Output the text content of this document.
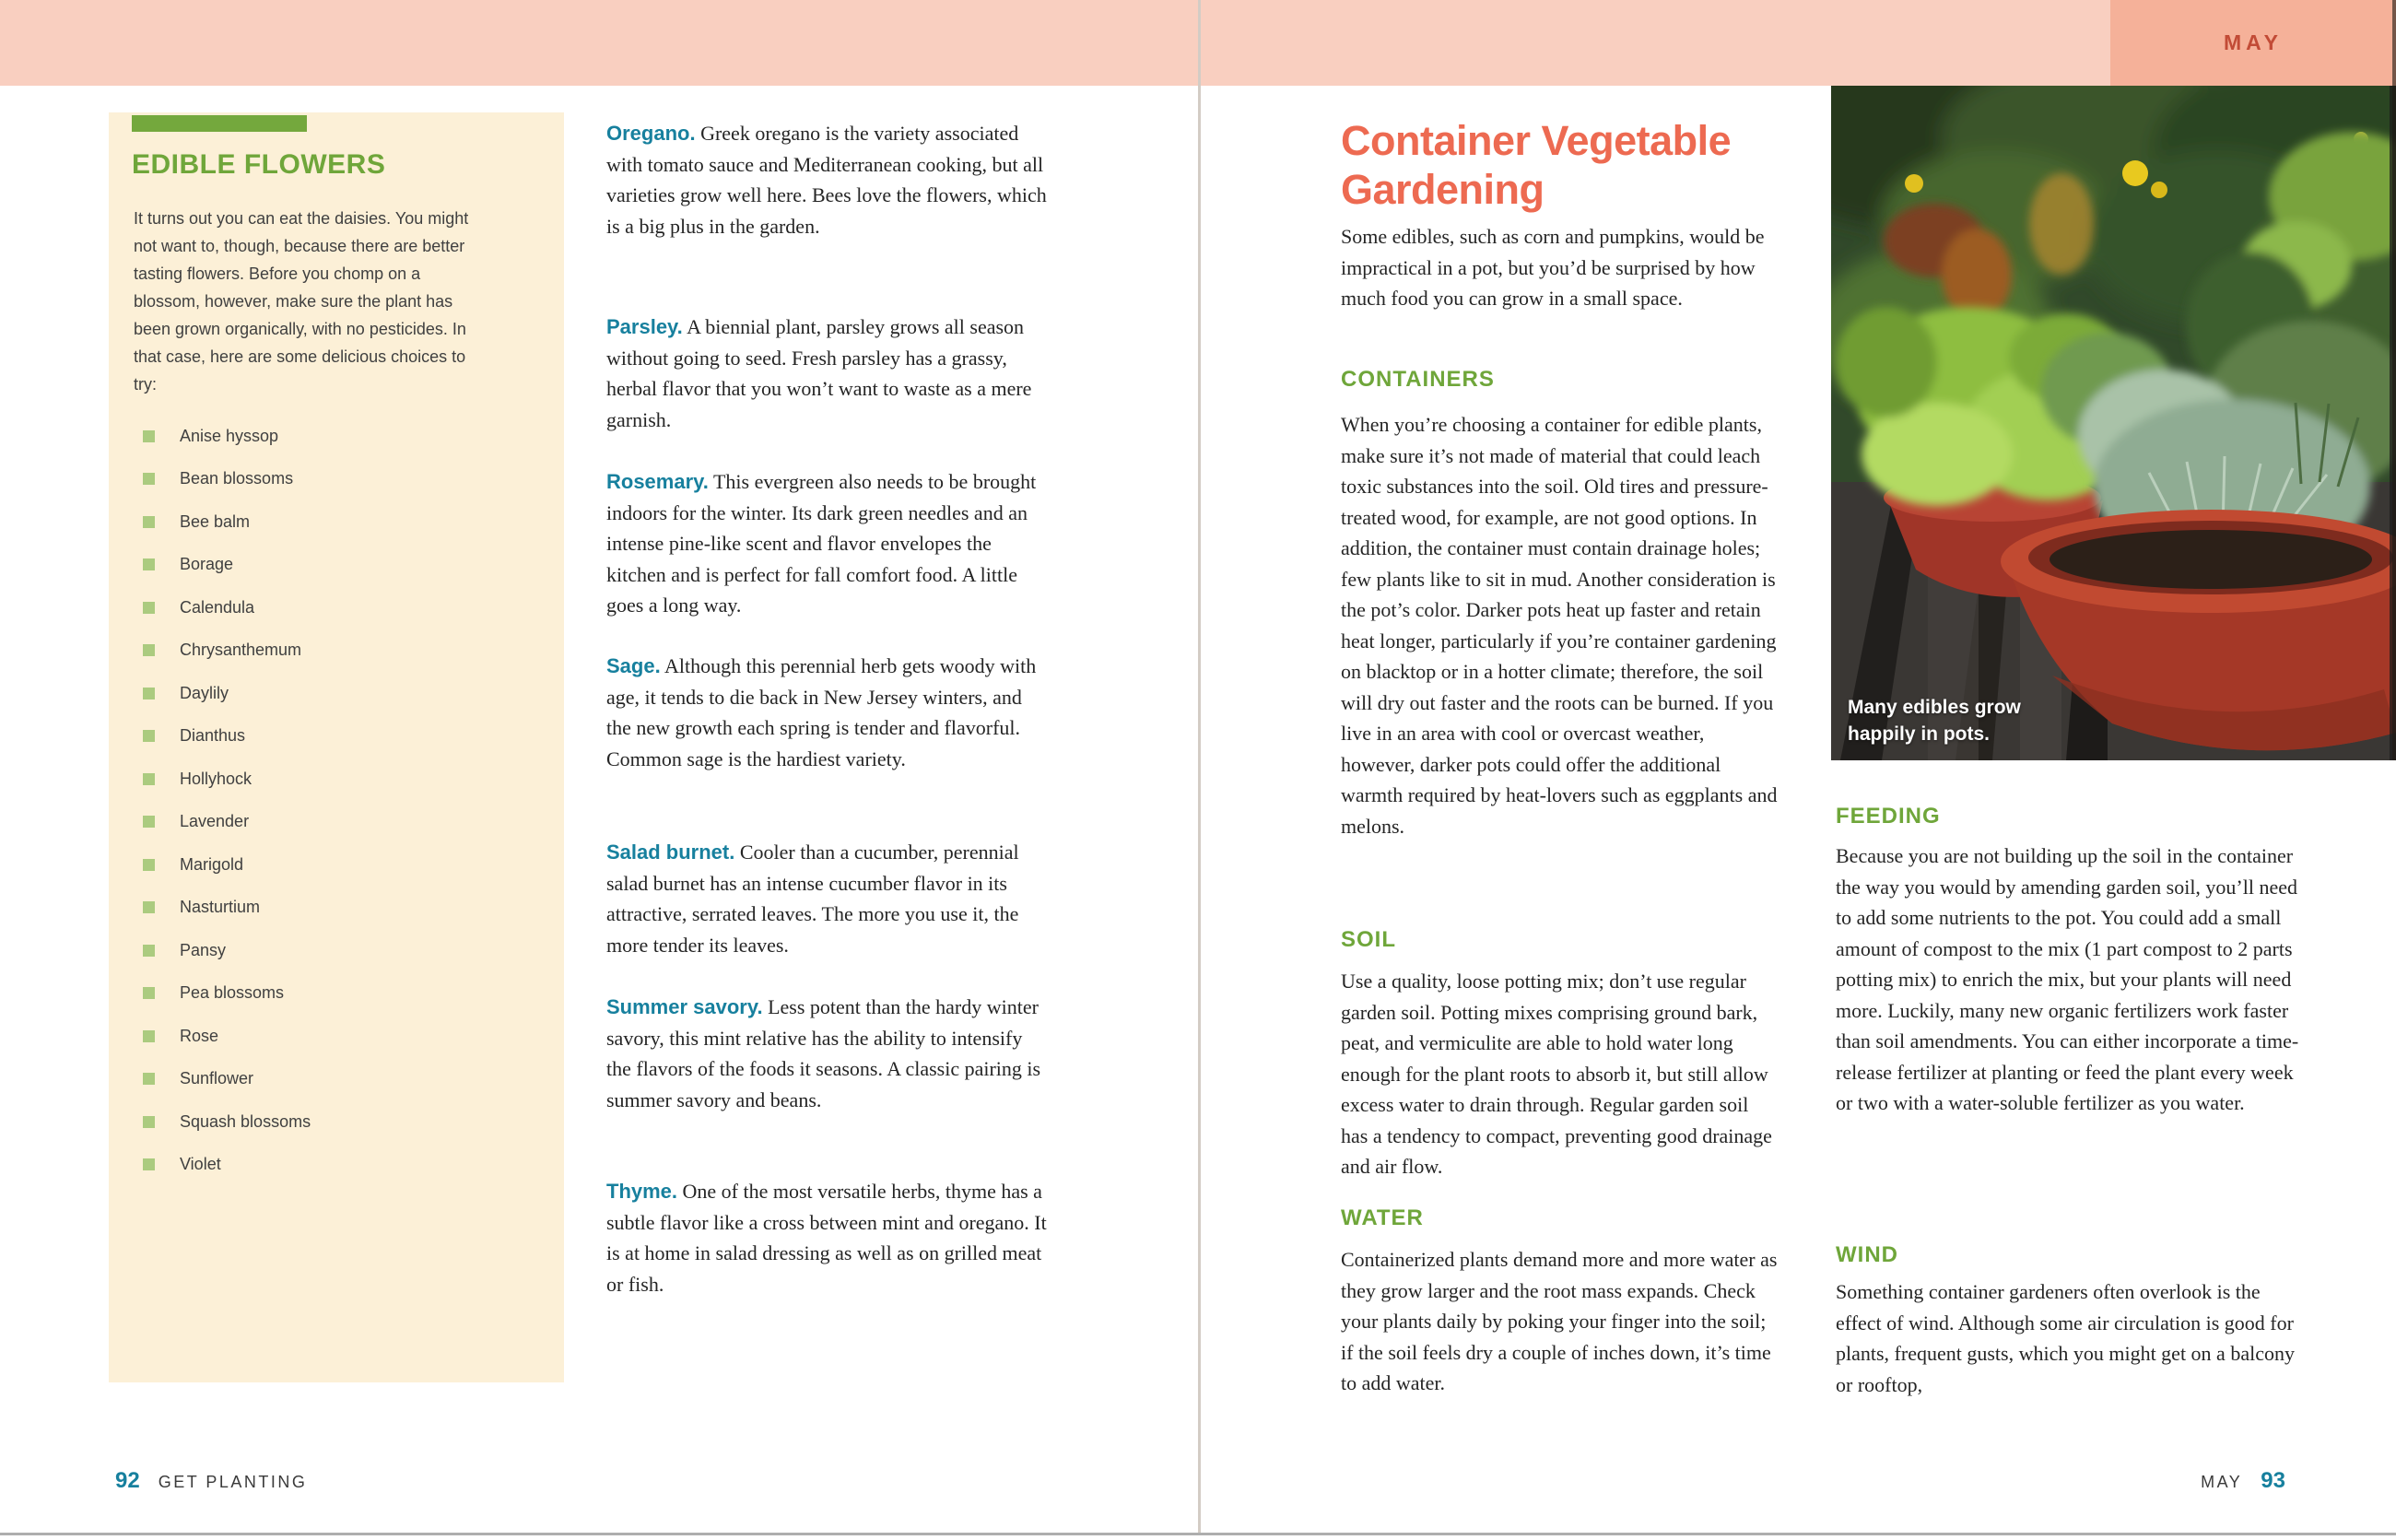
MAY
EDIBLE FLOWERS

It turns out you can eat the daisies. You might not want to, though, because there are better tasting flowers. Before you chomp on a blossom, however, make sure the plant has been grown organically, with no pesticides. In that case, here are some delicious choices to try:

Anise hyssop
Bean blossoms
Bee balm
Borage
Calendula
Chrysanthemum
Daylily
Dianthus
Hollyhock
Lavender
Marigold
Nasturtium
Pansy
Pea blossoms
Rose
Sunflower
Squash blossoms
Violet

Oregano. Greek oregano is the variety associated with tomato sauce and Mediterranean cooking, but all varieties grow well here. Bees love the flowers, which is a big plus in the garden.

Parsley. A biennial plant, parsley grows all season without going to seed. Fresh parsley has a grassy, herbal flavor that you won’t want to waste as a mere garnish.

Rosemary. This evergreen also needs to be brought indoors for the winter. Its dark green needles and an intense pine-like scent and flavor envelopes the kitchen and is perfect for fall comfort food. A little goes a long way.

Sage. Although this perennial herb gets woody with age, it tends to die back in New Jersey winters, and the new growth each spring is tender and flavorful. Common sage is the hardiest variety.

Salad burnet. Cooler than a cucumber, perennial salad burnet has an intense cucumber flavor in its attractive, serrated leaves. The more you use it, the more tender its leaves.

Summer savory. Less potent than the hardy winter savory, this mint relative has the ability to intensify the flavors of the foods it seasons. A classic pairing is summer savory and beans.

Thyme. One of the most versatile herbs, thyme has a subtle flavor like a cross between mint and oregano. It is at home in salad dressing as well as on grilled meat or fish.

92 GET PLANTING
Container Vegetable Gardening

Some edibles, such as corn and pumpkins, would be impractical in a pot, but you’d be surprised by how much food you can grow in a small space.

CONTAINERS

When you’re choosing a container for edible plants, make sure it’s not made of material that could leach toxic substances into the soil. Old tires and pressure-treated wood, for example, are not good options. In addition, the container must contain drainage holes; few plants like to sit in mud. Another consideration is the pot’s color. Darker pots heat up faster and retain heat longer, particularly if you’re container gardening on blacktop or in a hotter climate; therefore, the soil will dry out faster and the roots can be burned. If you live in an area with cool or overcast weather, however, darker pots could offer the additional warmth required by heat-lovers such as eggplants and melons.

SOIL

Use a quality, loose potting mix; don’t use regular garden soil. Potting mixes comprising ground bark, peat, and vermiculite are able to hold water long enough for the plant roots to absorb it, but still allow excess water to drain through. Regular garden soil has a tendency to compact, preventing good drainage and air flow.

WATER

Containerized plants demand more and more water as they grow larger and the root mass expands. Check your plants daily by poking your finger into the soil; if the soil feels dry a couple of inches down, it’s time to add water.

Many edibles grow happily in pots.
FEEDING

Because you are not building up the soil in the container the way you would by amending garden soil, you’ll need to add some nutrients to the pot. You could add a small amount of compost to the mix (1 part compost to 2 parts potting mix) to enrich the mix, but your plants will need more. Luckily, many new organic fertilizers work faster than soil amendments. You can either incorporate a time-release fertilizer at planting or feed the plant every week or two with a water-soluble fertilizer as you water.

WIND

Something container gardeners often overlook is the effect of wind. Although some air circulation is good for plants, frequent gusts, which you might get on a balcony or rooftop,

MAY 93
